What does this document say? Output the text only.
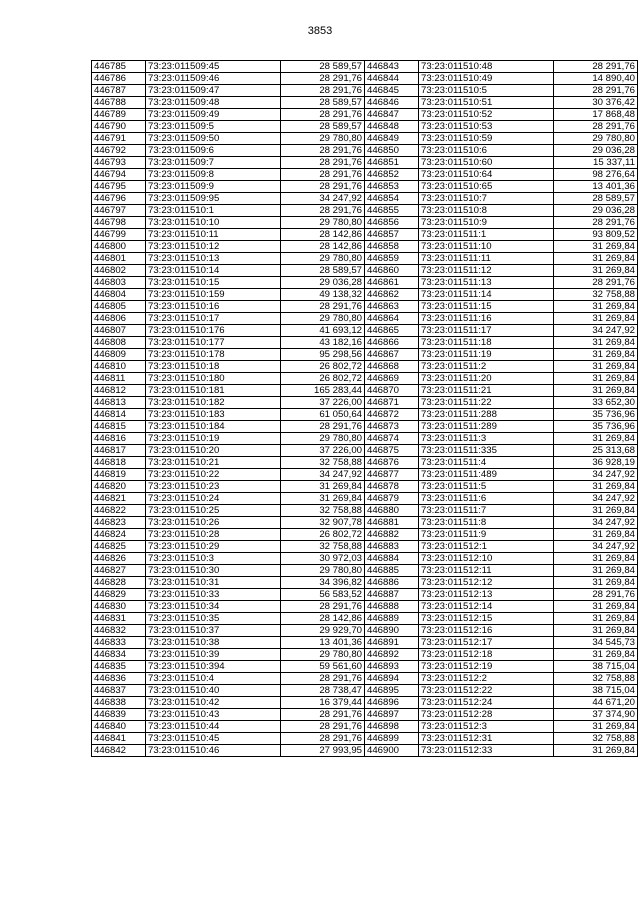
3853
446785	73:23:011509:45	28 589,57
446786	73:23:011509:46	28 291,76
446787	73:23:011509:47	28 291,76
446788	73:23:011509:48	28 589,57
446789	73:23:011509:49	28 291,76
446790	73:23:011509:5	28 589,57
446791	73:23:011509:50	29 780,80
446792	73:23:011509:6	28 291,76
446793	73:23:011509:7	28 291,76
446794	73:23:011509:8	28 291,76
446795	73:23:011509:9	28 291,76
446796	73:23:011509:95	34 247,92
446797	73:23:011510:1	28 291,76
446798	73:23:011510:10	29 780,80
446799	73:23:011510:11	28 142,86
446800	73:23:011510:12	28 142,86
446801	73:23:011510:13	29 780,80
446802	73:23:011510:14	28 589,57
446803	73:23:011510:15	29 036,28
446804	73:23:011510:159	49 138,32
446805	73:23:011510:16	28 291,76
446806	73:23:011510:17	29 780,80
446807	73:23:011510:176	41 693,12
446808	73:23:011510:177	43 182,16
446809	73:23:011510:178	95 298,56
446810	73:23:011510:18	26 802,72
446811	73:23:011510:180	26 802,72
446812	73:23:011510:181	165 283,44
446813	73:23:011510:182	37 226,00
446814	73:23:011510:183	61 050,64
446815	73:23:011510:184	28 291,76
446816	73:23:011510:19	29 780,80
446817	73:23:011510:20	37 226,00
446818	73:23:011510:21	32 758,88
446819	73:23:011510:22	34 247,92
446820	73:23:011510:23	31 269,84
446821	73:23:011510:24	31 269,84
446822	73:23:011510:25	32 758,88
446823	73:23:011510:26	32 907,78
446824	73:23:011510:28	26 802,72
446825	73:23:011510:29	32 758,88
446826	73:23:011510:3	30 972,03
446827	73:23:011510:30	29 780,80
446828	73:23:011510:31	34 396,82
446829	73:23:011510:33	56 583,52
446830	73:23:011510:34	28 291,76
446831	73:23:011510:35	28 142,86
446832	73:23:011510:37	29 929,70
446833	73:23:011510:38	13 401,36
446834	73:23:011510:39	29 780,80
446835	73:23:011510:394	59 561,60
446836	73:23:011510:4	28 291,76
446837	73:23:011510:40	28 738,47
446838	73:23:011510:42	16 379,44
446839	73:23:011510:43	28 291,76
446840	73:23:011510:44	28 291,76
446841	73:23:011510:45	28 291,76
446842	73:23:011510:46	27 993,95
446843	73:23:011510:48	28 291,76
446844	73:23:011510:49	14 890,40
446845	73:23:011510:5	28 291,76
446846	73:23:011510:51	30 376,42
446847	73:23:011510:52	17 868,48
446848	73:23:011510:53	28 291,76
446849	73:23:011510:59	29 780,80
446850	73:23:011510:6	29 036,28
446851	73:23:011510:60	15 337,11
446852	73:23:011510:64	98 276,64
446853	73:23:011510:65	13 401,36
446854	73:23:011510:7	28 589,57
446855	73:23:011510:8	29 036,28
446856	73:23:011510:9	28 291,76
446857	73:23:011511:1	93 809,52
446858	73:23:011511:10	31 269,84
446859	73:23:011511:11	31 269,84
446860	73:23:011511:12	31 269,84
446861	73:23:011511:13	28 291,76
446862	73:23:011511:14	32 758,88
446863	73:23:011511:15	31 269,84
446864	73:23:011511:16	31 269,84
446865	73:23:011511:17	34 247,92
446866	73:23:011511:18	31 269,84
446867	73:23:011511:19	31 269,84
446868	73:23:011511:2	31 269,84
446869	73:23:011511:20	31 269,84
446870	73:23:011511:21	31 269,84
446871	73:23:011511:22	33 652,30
446872	73:23:011511:288	35 736,96
446873	73:23:011511:289	35 736,96
446874	73:23:011511:3	31 269,84
446875	73:23:011511:335	25 313,68
446876	73:23:011511:4	36 928,19
446877	73:23:011511:489	34 247,92
446878	73:23:011511:5	31 269,84
446879	73:23:011511:6	34 247,92
446880	73:23:011511:7	31 269,84
446881	73:23:011511:8	34 247,92
446882	73:23:011511:9	31 269,84
446883	73:23:011512:1	34 247,92
446884	73:23:011512:10	31 269,84
446885	73:23:011512:11	31 269,84
446886	73:23:011512:12	31 269,84
446887	73:23:011512:13	28 291,76
446888	73:23:011512:14	31 269,84
446889	73:23:011512:15	31 269,84
446890	73:23:011512:16	31 269,84
446891	73:23:011512:17	34 545,73
446892	73:23:011512:18	31 269,84
446893	73:23:011512:19	38 715,04
446894	73:23:011512:2	32 758,88
446895	73:23:011512:22	38 715,04
446896	73:23:011512:24	44 671,20
446897	73:23:011512:28	37 374,90
446898	73:23:011512:3	31 269,84
446899	73:23:011512:31	32 758,88
446900	73:23:011512:33	31 269,84
